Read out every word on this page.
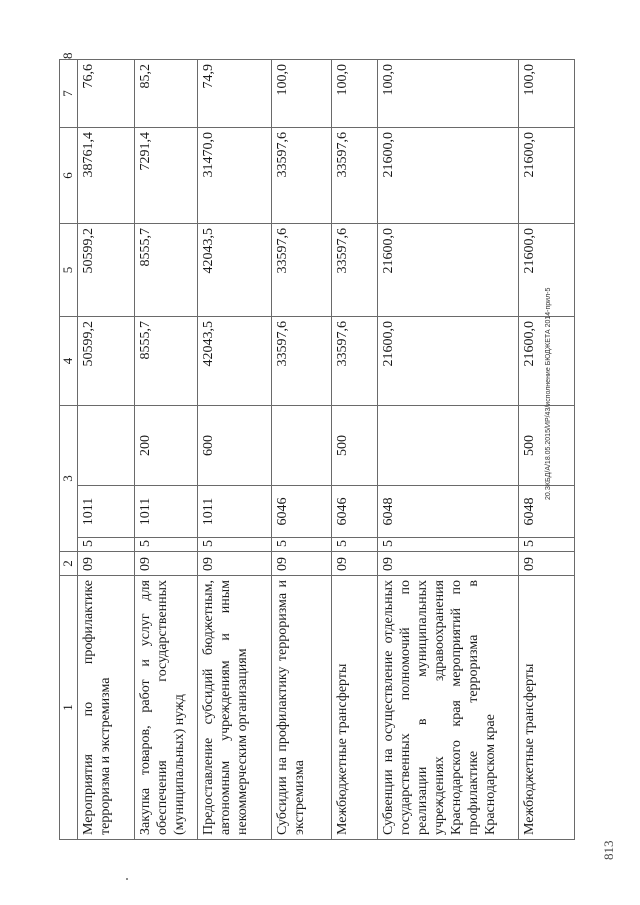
1	2	3			4	5	6	7	8

Мероприятия по профилактике терроризма и экстремизма	09	5	1011		50599,2	50599,2	38761,4	76,6	

Закупка товаров, работ и услуг для обеспечения государственных (муниципальных) нужд	09	5	1011	200	8555,7	8555,7	7291,4	85,2	

Предоставление субсидий бюджетным, автономным учреждениям и иным некоммерческим организациям	09	5	1011	600	42043,5	42043,5	31470,0	74,9	

Субсидии на профилактику терроризма и экстремизма	09	5	6046		33597,6	33597,6	33597,6	100,0	

Межбюджетные трансферты	09	5	6046	500	33597,6	33597,6	33597,6	100,0	

Субвенции на осуществление отдельных государственных полномочий по реализации в муниципальных учреждениях здравоохранения Краснодарского края мероприятий по профилактике терроризма в Краснодарском крае	09	5	6048		21600,0	21600,0	21600,0	100,0	

Межбюджетные трансферты	09	5	6048	500	21600,0	21600,0	21600,0	100,0	
20.ЗКБД/А/18.05.2015/ИР/43/исполнение БЮДЖЕТА 2014-прил-5
813
